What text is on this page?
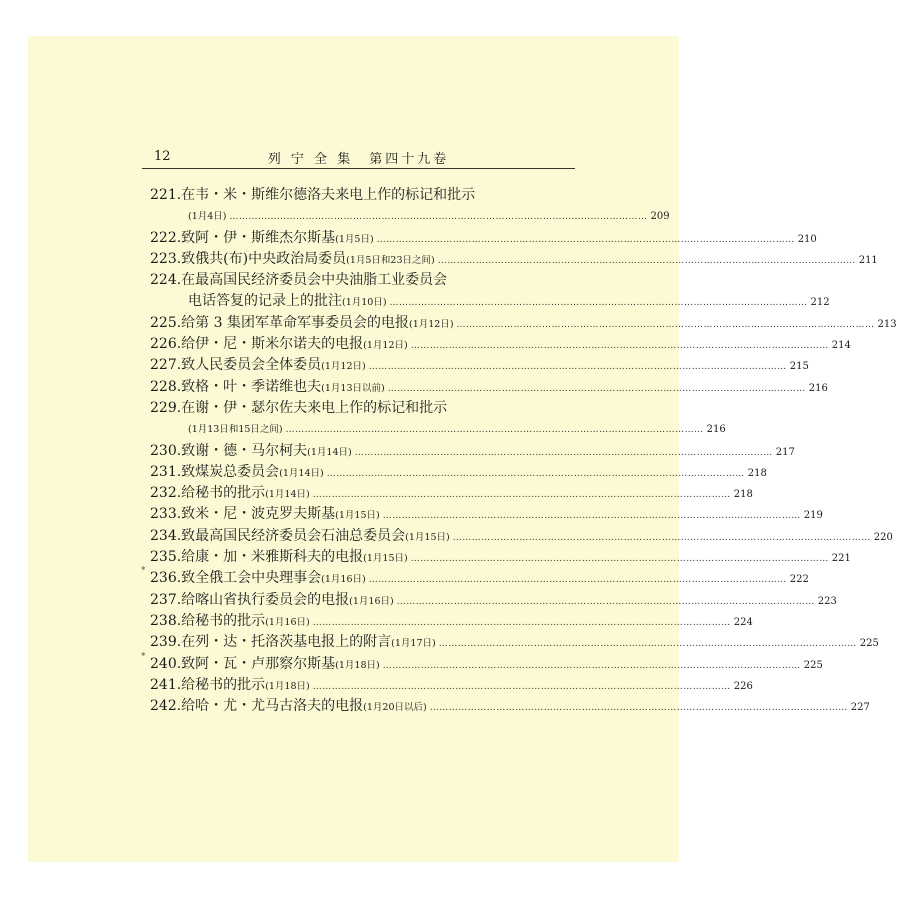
12	列 宁 全 集　第四十九卷
221. 在韦・米・斯维尔德洛夫来电上作的标记和批示
(1月4日) …………………………………………………………………………………………………………………… 209
222. 致阿・伊・斯维杰尔斯基 (1月5日) …………………………………………………………………………………………………………………… 210
223. 致俄共(布)中央政治局委员 (1月5日和23日之间) …………………………………………………………………………………………………………………… 211
224. 在最高国民经济委员会中央油脂工业委员会
电话答复的记录上的批注 (1月10日) …………………………………………………………………………………………………………………… 212
225. 给第 3 集团军革命军事委员会的电报 (1月12日) …………………………………………………………………………………………………………………… 213
226. 给伊・尼・斯米尔诺夫的电报 (1月12日) …………………………………………………………………………………………………………………… 214
227. 致人民委员会全体委员 (1月12日) …………………………………………………………………………………………………………………… 215
228. 致格・叶・季诺维也夫 (1月13日以前) …………………………………………………………………………………………………………………… 216
229. 在谢・伊・瑟尔佐夫来电上作的标记和批示
(1月13日和15日之间) …………………………………………………………………………………………………………………… 216
230. 致谢・德・马尔柯夫 (1月14日) …………………………………………………………………………………………………………………… 217
231. 致煤炭总委员会 (1月14日) …………………………………………………………………………………………………………………… 218
232. 给秘书的批示 (1月14日) …………………………………………………………………………………………………………………… 218
233. 致米・尼・波克罗夫斯基 (1月15日) …………………………………………………………………………………………………………………… 219
234. 致最高国民经济委员会石油总委员会 (1月15日) …………………………………………………………………………………………………………………… 220
235. 给康・加・米雅斯科夫的电报 (1月15日) …………………………………………………………………………………………………………………… 221
* 236. 致全俄工会中央理事会 (1月16日) …………………………………………………………………………………………………………………… 222
237. 给喀山省执行委员会的电报 (1月16日) …………………………………………………………………………………………………………………… 223
238. 给秘书的批示 (1月16日) …………………………………………………………………………………………………………………… 224
239. 在列・达・托洛茨基电报上的附言 (1月17日) …………………………………………………………………………………………………………………… 225
* 240. 致阿・瓦・卢那察尔斯基 (1月18日) …………………………………………………………………………………………………………………… 225
241. 给秘书的批示 (1月18日) …………………………………………………………………………………………………………………… 226
242. 给哈・尤・尤马古洛夫的电报 (1月20日以后) …………………………………………………………………………………………………………………… 227
